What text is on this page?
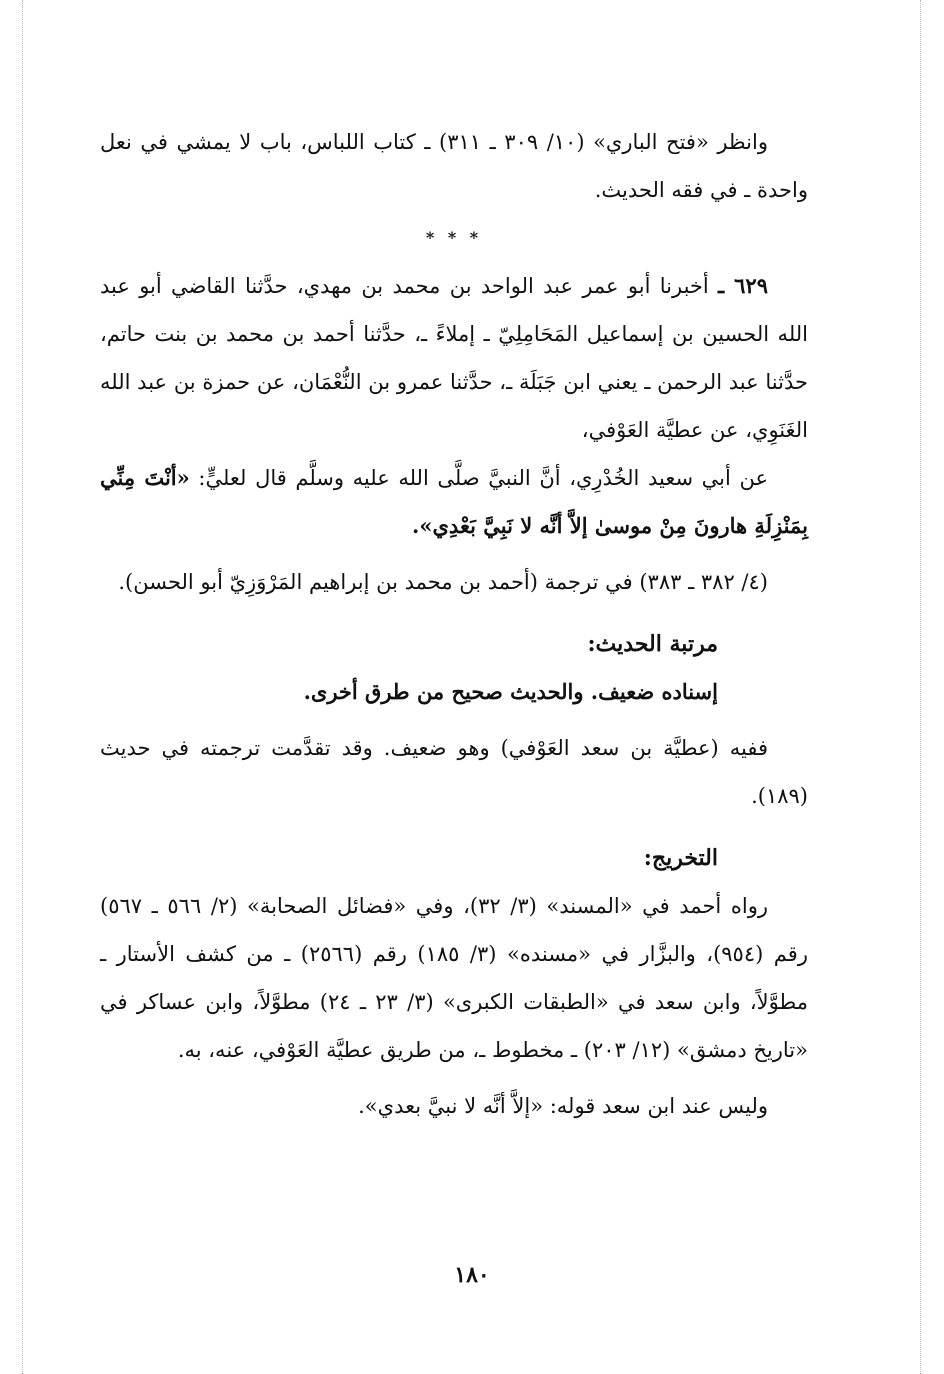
وانظر «فتح الباري» (١٠/ ٣٠٩ ـ ٣١١) ـ كتاب اللباس، باب لا يمشي في نعل واحدة ـ في فقه الحديث.

* * *

٦٢٩ ـ أخبرنا أبو عمر عبد الواحد بن محمد بن مهدي، حدَّثنا القاضي أبو عبد الله الحسين بن إسماعيل المَحَامِلِيّ ـ إملاءً ـ، حدَّثنا أحمد بن محمد بن بنت حاتم، حدَّثنا عبد الرحمن ـ يعني ابن جَبَلَة ـ، حدَّثنا عمرو بن النُّعْمَان، عن حمزة بن عبد الله الغَنَوِي، عن عطيَّة العَوْفي،

عن أبي سعيد الخُدْرِي، أنَّ النبيَّ صلَّى الله عليه وسلَّم قال لعليٍّ: «أنْتَ مِنِّي بِمَنْزِلَةِ هارونَ مِنْ موسىٰ إلاَّ أنَّه لا نَبِيَّ بَعْدِي».

(٤/ ٣٨٢ ـ ٣٨٣) في ترجمة (أحمد بن محمد بن إبراهيم المَرْوَزِيّ أبو الحسن).

مرتبة الحديث:

إسناده ضعيف. والحديث صحيح من طرق أخرى.

ففيه (عطيَّة بن سعد العَوْفي) وهو ضعيف. وقد تقدَّمت ترجمته في حديث (١٨٩).

التخريج:

رواه أحمد في «المسند» (٣/ ٣٢)، وفي «فضائل الصحابة» (٢/ ٥٦٦ ـ ٥٦٧) رقم (٩٥٤)، والبزَّار في «مسنده» (٣/ ١٨٥) رقم (٢٥٦٦) ـ من كشف الأستار ـ مطوَّلاً، وابن سعد في «الطبقات الكبرى» (٣/ ٢٣ ـ ٢٤) مطوَّلاً، وابن عساكر في «تاريخ دمشق» (١٢/ ٢٠٣) ـ مخطوط ـ، من طريق عطيَّة العَوْفي، عنه، به.

وليس عند ابن سعد قوله: «إلاَّ أنَّه لا نبيَّ بعدي».

١٨٠
